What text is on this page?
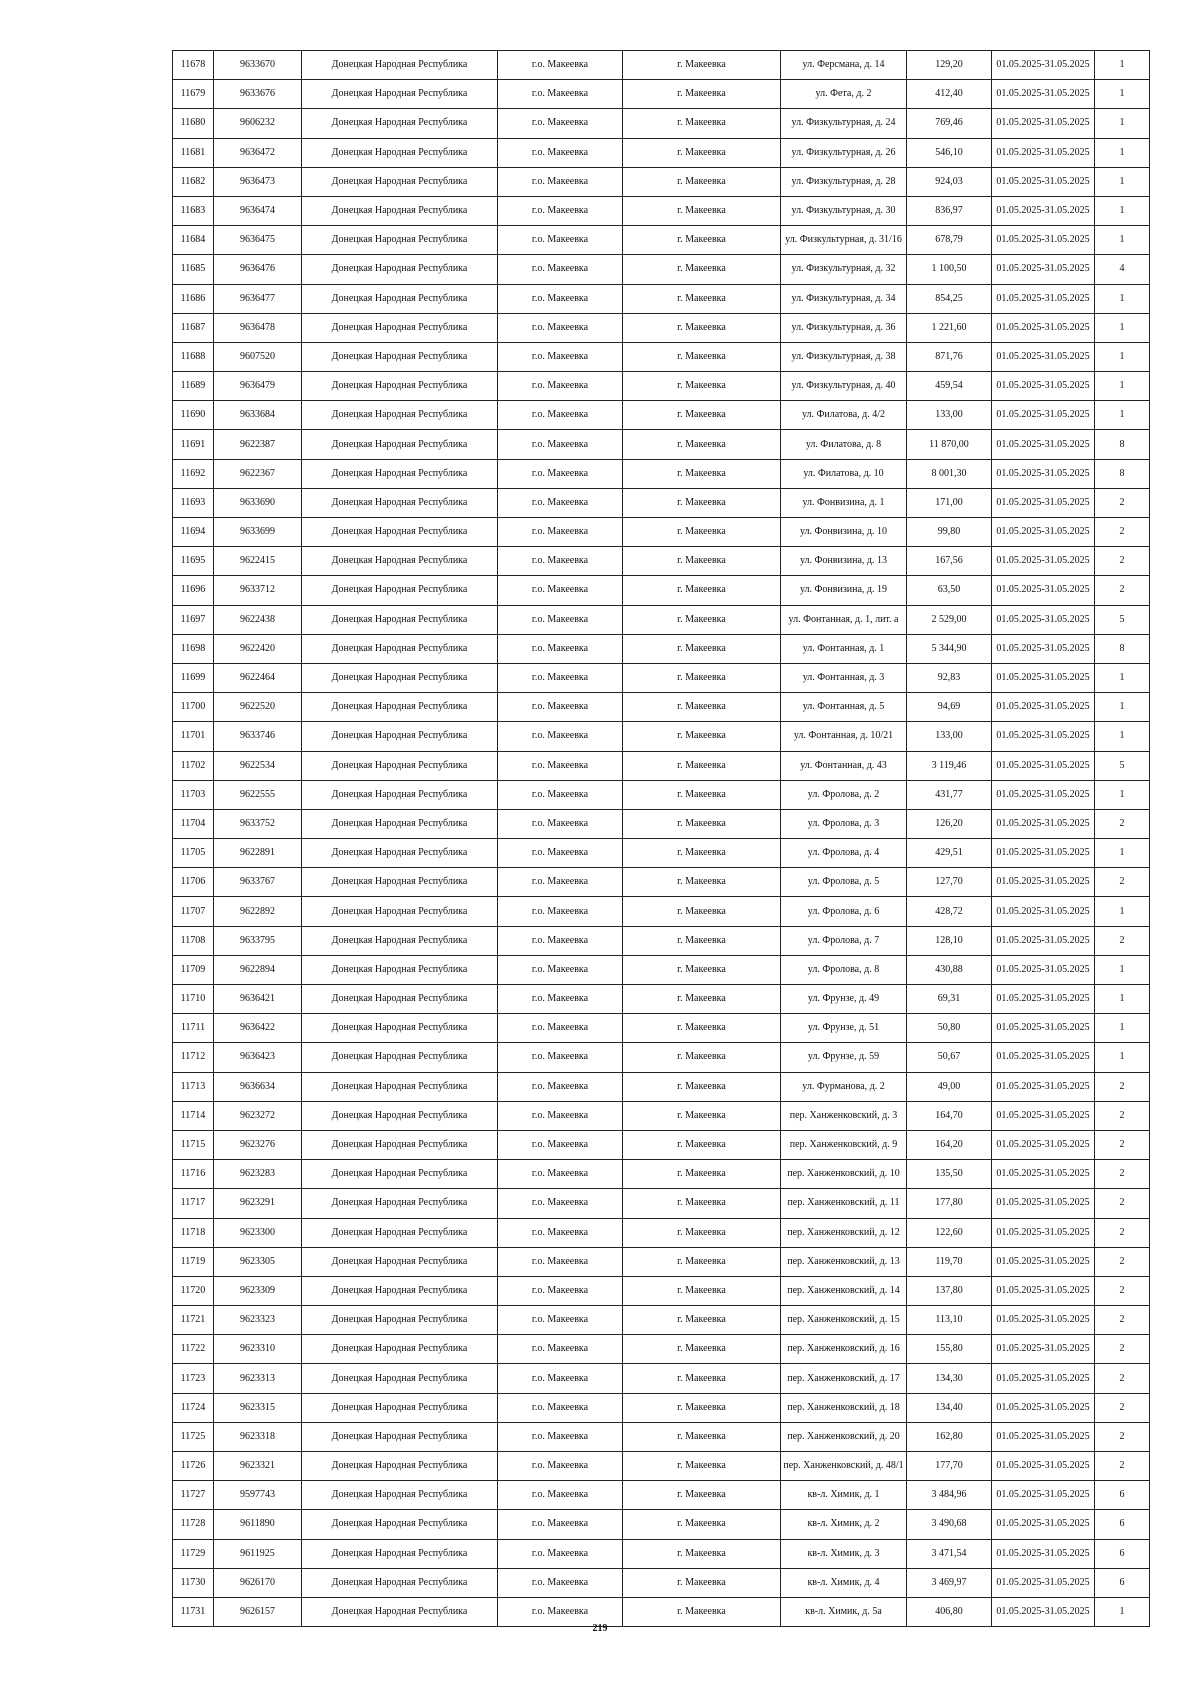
11678	9633670	Донецкая Народная Республика	г.о. Макеевка	г. Макеевка	ул. Ферсмана, д. 14	129,20	01.05.2025-31.05.2025	1
11679	9633676	Донецкая Народная Республика	г.о. Макеевка	г. Макеевка	ул. Фета, д. 2	412,40	01.05.2025-31.05.2025	1
11680	9606232	Донецкая Народная Республика	г.о. Макеевка	г. Макеевка	ул. Физкультурная, д. 24	769,46	01.05.2025-31.05.2025	1
11681	9636472	Донецкая Народная Республика	г.о. Макеевка	г. Макеевка	ул. Физкультурная, д. 26	546,10	01.05.2025-31.05.2025	1
11682	9636473	Донецкая Народная Республика	г.о. Макеевка	г. Макеевка	ул. Физкультурная, д. 28	924,03	01.05.2025-31.05.2025	1
11683	9636474	Донецкая Народная Республика	г.о. Макеевка	г. Макеевка	ул. Физкультурная, д. 30	836,97	01.05.2025-31.05.2025	1
11684	9636475	Донецкая Народная Республика	г.о. Макеевка	г. Макеевка	ул. Физкультурная, д. 31/16	678,79	01.05.2025-31.05.2025	1
11685	9636476	Донецкая Народная Республика	г.о. Макеевка	г. Макеевка	ул. Физкультурная, д. 32	1 100,50	01.05.2025-31.05.2025	4
11686	9636477	Донецкая Народная Республика	г.о. Макеевка	г. Макеевка	ул. Физкультурная, д. 34	854,25	01.05.2025-31.05.2025	1
11687	9636478	Донецкая Народная Республика	г.о. Макеевка	г. Макеевка	ул. Физкультурная, д. 36	1 221,60	01.05.2025-31.05.2025	1
11688	9607520	Донецкая Народная Республика	г.о. Макеевка	г. Макеевка	ул. Физкультурная, д. 38	871,76	01.05.2025-31.05.2025	1
11689	9636479	Донецкая Народная Республика	г.о. Макеевка	г. Макеевка	ул. Физкультурная, д. 40	459,54	01.05.2025-31.05.2025	1
11690	9633684	Донецкая Народная Республика	г.о. Макеевка	г. Макеевка	ул. Филатова, д. 4/2	133,00	01.05.2025-31.05.2025	1
11691	9622387	Донецкая Народная Республика	г.о. Макеевка	г. Макеевка	ул. Филатова, д. 8	11 870,00	01.05.2025-31.05.2025	8
11692	9622367	Донецкая Народная Республика	г.о. Макеевка	г. Макеевка	ул. Филатова, д. 10	8 001,30	01.05.2025-31.05.2025	8
11693	9633690	Донецкая Народная Республика	г.о. Макеевка	г. Макеевка	ул. Фонвизина, д. 1	171,00	01.05.2025-31.05.2025	2
11694	9633699	Донецкая Народная Республика	г.о. Макеевка	г. Макеевка	ул. Фонвизина, д. 10	99,80	01.05.2025-31.05.2025	2
11695	9622415	Донецкая Народная Республика	г.о. Макеевка	г. Макеевка	ул. Фонвизина, д. 13	167,56	01.05.2025-31.05.2025	2
11696	9633712	Донецкая Народная Республика	г.о. Макеевка	г. Макеевка	ул. Фонвизина, д. 19	63,50	01.05.2025-31.05.2025	2
11697	9622438	Донецкая Народная Республика	г.о. Макеевка	г. Макеевка	ул. Фонтанная, д. 1, лит. а	2 529,00	01.05.2025-31.05.2025	5
11698	9622420	Донецкая Народная Республика	г.о. Макеевка	г. Макеевка	ул. Фонтанная, д. 1	5 344,90	01.05.2025-31.05.2025	8
11699	9622464	Донецкая Народная Республика	г.о. Макеевка	г. Макеевка	ул. Фонтанная, д. 3	92,83	01.05.2025-31.05.2025	1
11700	9622520	Донецкая Народная Республика	г.о. Макеевка	г. Макеевка	ул. Фонтанная, д. 5	94,69	01.05.2025-31.05.2025	1
11701	9633746	Донецкая Народная Республика	г.о. Макеевка	г. Макеевка	ул. Фонтанная, д. 10/21	133,00	01.05.2025-31.05.2025	1
11702	9622534	Донецкая Народная Республика	г.о. Макеевка	г. Макеевка	ул. Фонтанная, д. 43	3 119,46	01.05.2025-31.05.2025	5
11703	9622555	Донецкая Народная Республика	г.о. Макеевка	г. Макеевка	ул. Фролова, д. 2	431,77	01.05.2025-31.05.2025	1
11704	9633752	Донецкая Народная Республика	г.о. Макеевка	г. Макеевка	ул. Фролова, д. 3	126,20	01.05.2025-31.05.2025	2
11705	9622891	Донецкая Народная Республика	г.о. Макеевка	г. Макеевка	ул. Фролова, д. 4	429,51	01.05.2025-31.05.2025	1
11706	9633767	Донецкая Народная Республика	г.о. Макеевка	г. Макеевка	ул. Фролова, д. 5	127,70	01.05.2025-31.05.2025	2
11707	9622892	Донецкая Народная Республика	г.о. Макеевка	г. Макеевка	ул. Фролова, д. 6	428,72	01.05.2025-31.05.2025	1
11708	9633795	Донецкая Народная Республика	г.о. Макеевка	г. Макеевка	ул. Фролова, д. 7	128,10	01.05.2025-31.05.2025	2
11709	9622894	Донецкая Народная Республика	г.о. Макеевка	г. Макеевка	ул. Фролова, д. 8	430,88	01.05.2025-31.05.2025	1
11710	9636421	Донецкая Народная Республика	г.о. Макеевка	г. Макеевка	ул. Фрунзе, д. 49	69,31	01.05.2025-31.05.2025	1
11711	9636422	Донецкая Народная Республика	г.о. Макеевка	г. Макеевка	ул. Фрунзе, д. 51	50,80	01.05.2025-31.05.2025	1
11712	9636423	Донецкая Народная Республика	г.о. Макеевка	г. Макеевка	ул. Фрунзе, д. 59	50,67	01.05.2025-31.05.2025	1
11713	9636634	Донецкая Народная Республика	г.о. Макеевка	г. Макеевка	ул. Фурманова, д. 2	49,00	01.05.2025-31.05.2025	2
11714	9623272	Донецкая Народная Республика	г.о. Макеевка	г. Макеевка	пер. Ханженковский, д. 3	164,70	01.05.2025-31.05.2025	2
11715	9623276	Донецкая Народная Республика	г.о. Макеевка	г. Макеевка	пер. Ханженковский, д. 9	164,20	01.05.2025-31.05.2025	2
11716	9623283	Донецкая Народная Республика	г.о. Макеевка	г. Макеевка	пер. Ханженковский, д. 10	135,50	01.05.2025-31.05.2025	2
11717	9623291	Донецкая Народная Республика	г.о. Макеевка	г. Макеевка	пер. Ханженковский, д. 11	177,80	01.05.2025-31.05.2025	2
11718	9623300	Донецкая Народная Республика	г.о. Макеевка	г. Макеевка	пер. Ханженковский, д. 12	122,60	01.05.2025-31.05.2025	2
11719	9623305	Донецкая Народная Республика	г.о. Макеевка	г. Макеевка	пер. Ханженковский, д. 13	119,70	01.05.2025-31.05.2025	2
11720	9623309	Донецкая Народная Республика	г.о. Макеевка	г. Макеевка	пер. Ханженковский, д. 14	137,80	01.05.2025-31.05.2025	2
11721	9623323	Донецкая Народная Республика	г.о. Макеевка	г. Макеевка	пер. Ханженковский, д. 15	113,10	01.05.2025-31.05.2025	2
11722	9623310	Донецкая Народная Республика	г.о. Макеевка	г. Макеевка	пер. Ханженковский, д. 16	155,80	01.05.2025-31.05.2025	2
11723	9623313	Донецкая Народная Республика	г.о. Макеевка	г. Макеевка	пер. Ханженковский, д. 17	134,30	01.05.2025-31.05.2025	2
11724	9623315	Донецкая Народная Республика	г.о. Макеевка	г. Макеевка	пер. Ханженковский, д. 18	134,40	01.05.2025-31.05.2025	2
11725	9623318	Донецкая Народная Республика	г.о. Макеевка	г. Макеевка	пер. Ханженковский, д. 20	162,80	01.05.2025-31.05.2025	2
11726	9623321	Донецкая Народная Республика	г.о. Макеевка	г. Макеевка	пер. Ханженковский, д. 48/1	177,70	01.05.2025-31.05.2025	2
11727	9597743	Донецкая Народная Республика	г.о. Макеевка	г. Макеевка	кв-л. Химик, д. 1	3 484,96	01.05.2025-31.05.2025	6
11728	9611890	Донецкая Народная Республика	г.о. Макеевка	г. Макеевка	кв-л. Химик, д. 2	3 490,68	01.05.2025-31.05.2025	6
11729	9611925	Донецкая Народная Республика	г.о. Макеевка	г. Макеевка	кв-л. Химик, д. 3	3 471,54	01.05.2025-31.05.2025	6
11730	9626170	Донецкая Народная Республика	г.о. Макеевка	г. Макеевка	кв-л. Химик, д. 4	3 469,97	01.05.2025-31.05.2025	6
11731	9626157	Донецкая Народная Республика	г.о. Макеевка	г. Макеевка	кв-л. Химик, д. 5а	406,80	01.05.2025-31.05.2025	1
219
